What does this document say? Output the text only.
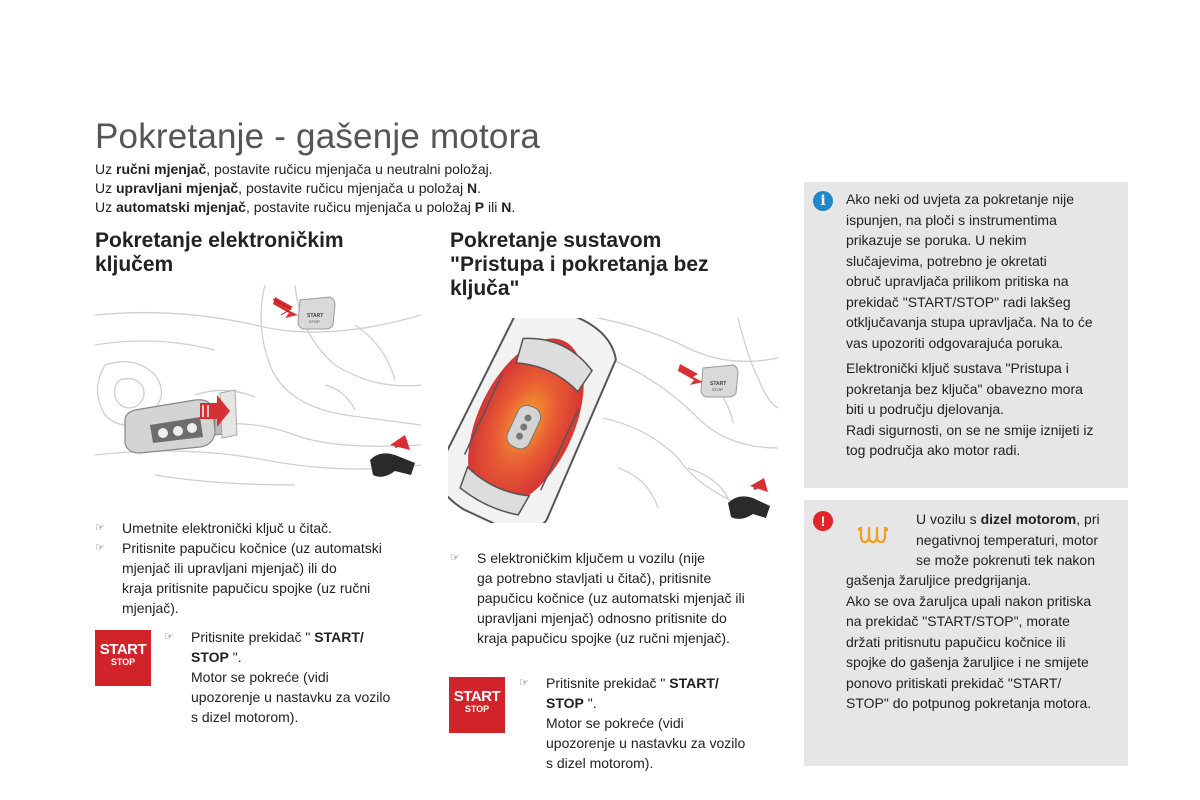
Pokretanje - gašenje motora
Uz ručni mjenjač, postavite ručicu mjenjača u neutralni položaj.
Uz upravljani mjenjač, postavite ručicu mjenjača u položaj N.
Uz automatski mjenjač, postavite ručicu mjenjača u položaj P ili N.
Pokretanje elektroničkim
ključem
START
STOP
☞ Umetnite elektronički ključ u čitač.
☞ Pritisnite papučicu kočnice (uz automatski
mjenjač ili upravljani mjenjač) ili do
kraja pritisnite papučicu spojke (uz ručni
mjenjač).
START
STOP
☞ Pritisnite prekidač " START/
STOP ".
Motor se pokreće (vidi
upozorenje u nastavku za vozilo
s dizel motorom).
Pokretanje sustavom
"Pristupa i pokretanja bez
ključa"
START
STOP
☞ S elektroničkim ključem u vozilu (nije
ga potrebno stavljati u čitač), pritisnite
papučicu kočnice (uz automatski mjenjač ili
upravljani mjenjač) odnosno pritisnite do
kraja papučicu spojke (uz ručni mjenjač).
START
STOP
☞ Pritisnite prekidač " START/
STOP ".
Motor se pokreće (vidi
upozorenje u nastavku za vozilo
s dizel motorom).
i	Ako neki od uvjeta za pokretanje nije
ispunjen, na ploči s instrumentima
prikazuje se poruka. U nekim
slučajevima, potrebno je okretati
obruč upravljača prilikom pritiska na
prekidač "START/STOP" radi lakšeg
otključavanja stupa upravljača. Na to će
vas upozoriti odgovarajuća poruka.
Elektronički ključ sustava "Pristupa i
pokretanja bez ključa" obavezno mora
biti u području djelovanja.
Radi sigurnosti, on se ne smije iznijeti iz
tog područja ako motor radi.
!	U vozilu s dizel motorom, pri
negativnoj temperaturi, motor
se može pokrenuti tek nakon
gašenja žaruljice predgrijanja.
Ako se ova žaruljca upali nakon pritiska
na prekidač "START/STOP", morate
držati pritisnutu papučicu kočnice ili
spojke do gašenja žaruljice i ne smijete
ponovo pritiskati prekidač "START/
STOP" do potpunog pokretanja motora.
